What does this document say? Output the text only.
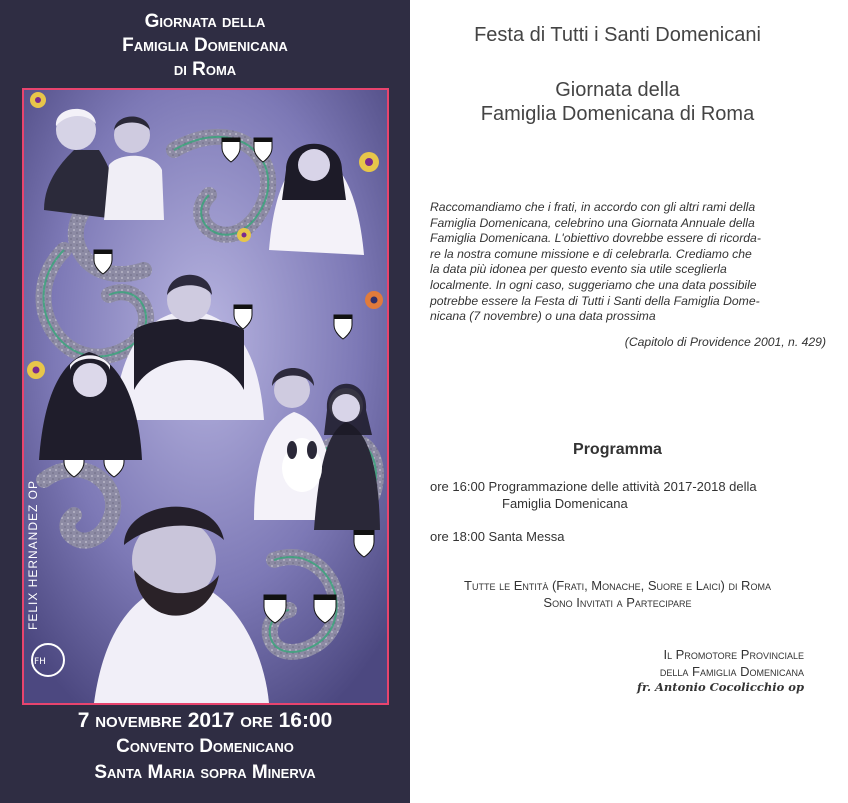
Giornata della
Famiglia Domenicana
di Roma
FH
FELIX HERNANDEZ OP
7 novembre 2017 ore 16:00
Convento Domenicano
Santa Maria sopra Minerva
Festa di Tutti i Santi Domenicani
Giornata della
Famiglia Domenicana di Roma
Raccomandiamo che i frati, in accordo con gli altri rami della
Famiglia Domenicana, celebrino una Giornata Annuale della
Famiglia Domenicana. L'obiettivo dovrebbe essere di ricorda-
re la nostra comune missione e di celebrarla. Crediamo che
la data più idonea per questo evento sia utile sceglierla
localmente. In ogni caso, suggeriamo che una data possibile
potrebbe essere la Festa di Tutti i Santi della Famiglia Dome-
nicana (7 novembre) o una data prossima
(Capitolo di Providence 2001, n. 429)
Programma
ore 16:00 Programmazione delle attività 2017-2018 della
Famiglia Domenicana
ore 18:00 Santa Messa
Tutte le Entità (Frati, Monache, Suore e Laici) di Roma
Sono Invitati a Partecipare
Il Promotore Provinciale
della Famiglia Domenicana
fr. Antonio Cocolicchio op
